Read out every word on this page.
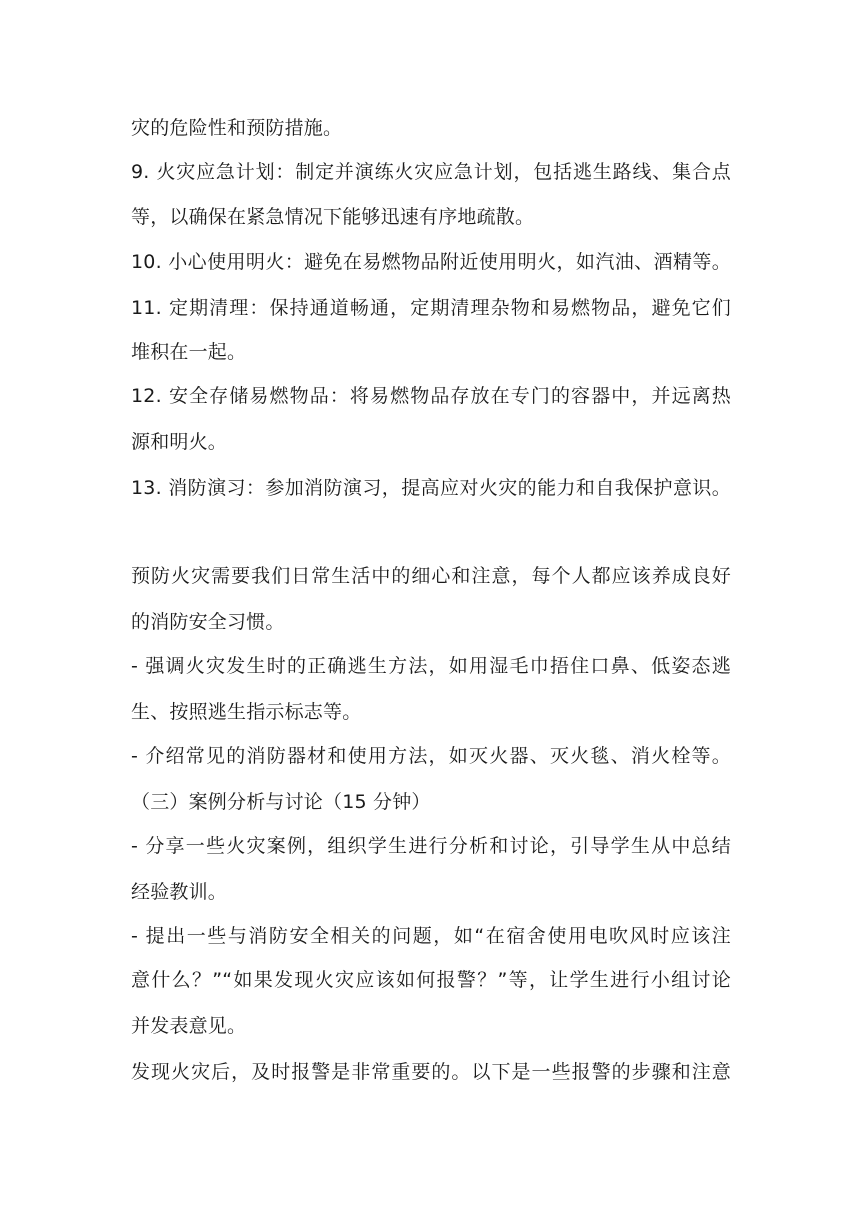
灾的危险性和预防措施。
9. 火灾应急计划：制定并演练火灾应急计划，包括逃生路线、集合点
等，以确保在紧急情况下能够迅速有序地疏散。
10. 小心使用明火：避免在易燃物品附近使用明火，如汽油、酒精等。
11. 定期清理：保持通道畅通，定期清理杂物和易燃物品，避免它们
堆积在一起。
12. 安全存储易燃物品：将易燃物品存放在专门的容器中，并远离热
源和明火。
13. 消防演习：参加消防演习，提高应对火灾的能力和自我保护意识。
预防火灾需要我们日常生活中的细心和注意，每个人都应该养成良好
的消防安全习惯。
- 强调火灾发生时的正确逃生方法，如用湿毛巾捂住口鼻、低姿态逃
生、按照逃生指示标志等。
- 介绍常见的消防器材和使用方法，如灭火器、灭火毯、消火栓等。
（三）案例分析与讨论（15 分钟）
- 分享一些火灾案例，组织学生进行分析和讨论，引导学生从中总结
经验教训。
- 提出一些与消防安全相关的问题，如“在宿舍使用电吹风时应该注
意什么？”“如果发现火灾应该如何报警？”等，让学生进行小组讨论
并发表意见。
发现火灾后，及时报警是非常重要的。以下是一些报警的步骤和注意
